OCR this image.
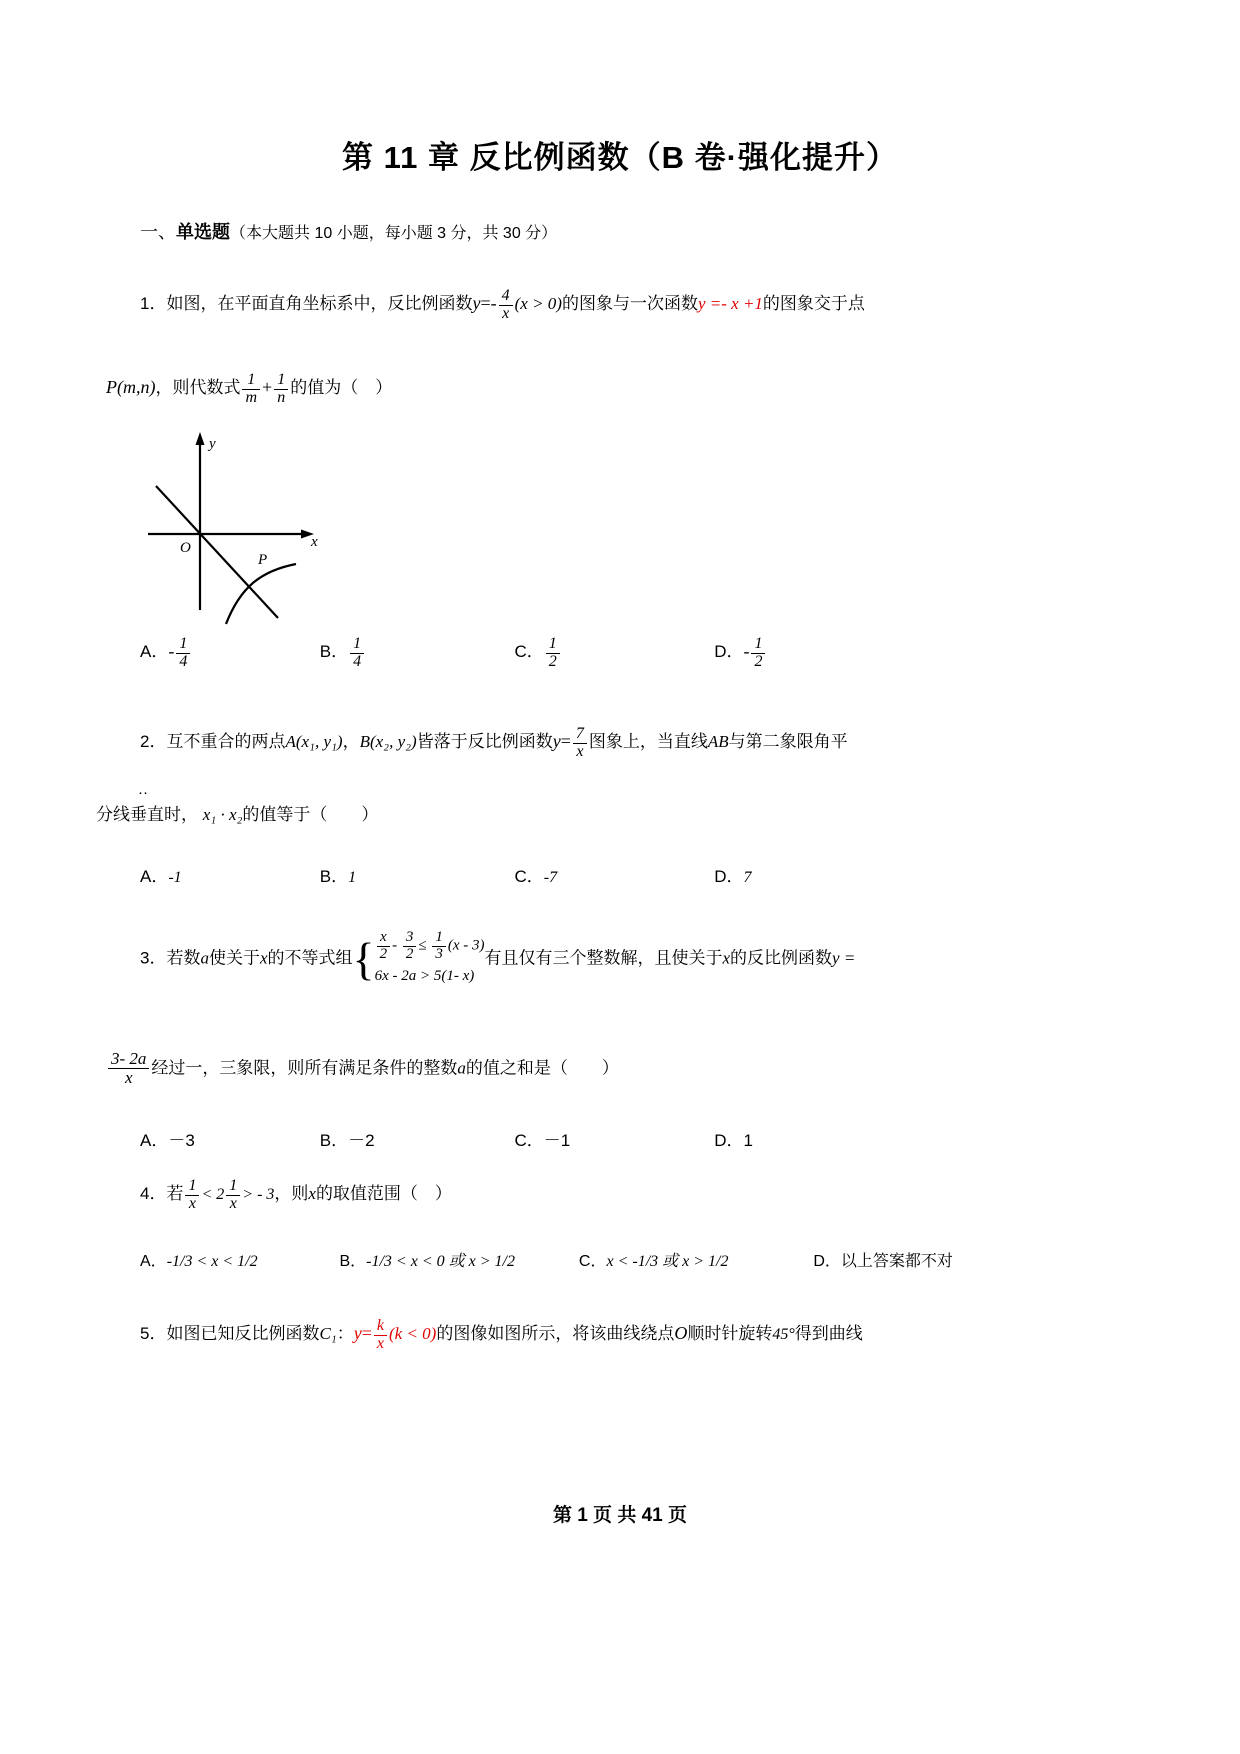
第 11 章 反比例函数（B 卷·强化提升）
一、单选题（本大题共 10 小题，每小题 3 分，共 30 分）
1．如图，在平面直角坐标系中，反比例函数$y=- \frac{4}{x} (x > 0)$的图象与一次函数y =- x +1的图象交于点
P(m,n)，则代数式 $\frac{1}{m} + \frac{1}{n}$ 的值为（　）
y
x
O
P
A．- $\frac{1}{4}$	B． $\frac{1}{4}$	C． $\frac{1}{2}$	D．- $\frac{1}{2}$
2．互不重合的两点A(x₁, y₁)，B(x₂, y₂)皆落于反比例函数$y= \frac{7}{x}$ 图象上，当直线AB与第二象限角平
··
分线垂直时， x₁ · x₂的值等于（　　）
A．-1	B．1	C．-7	D．7
3．若数a使关于x的不等式组{ $\frac{x}{2} - \frac{3}{2} \le \frac{1}{3} (x - 3)$
6x - 2a > 5(1- x)
有且仅有三个整数解，且使关于x的反比例函数y =
$\frac{3- 2a}{x}$ 经过一，三象限，则所有满足条件的整数a的值之和是（　　）
A．－3	B．－2	C．－1	D．1
4．若 $\frac{1}{x} < 2 \frac{1}{x}$ > - 3，则x的取值范围（　）
A．-1/3 < x < 1/2	B．-1/3 < x < 0 或 x > 1/2	C．x < -1/3 或 x > 1/2	D．以上答案都不对
5．如图已知反比例函数C₁：$y= \frac{k}{x} (k < 0)$的图像如图所示，将该曲线绕点O顺时针旋转45°得到曲线
第 1 页 共 41 页
